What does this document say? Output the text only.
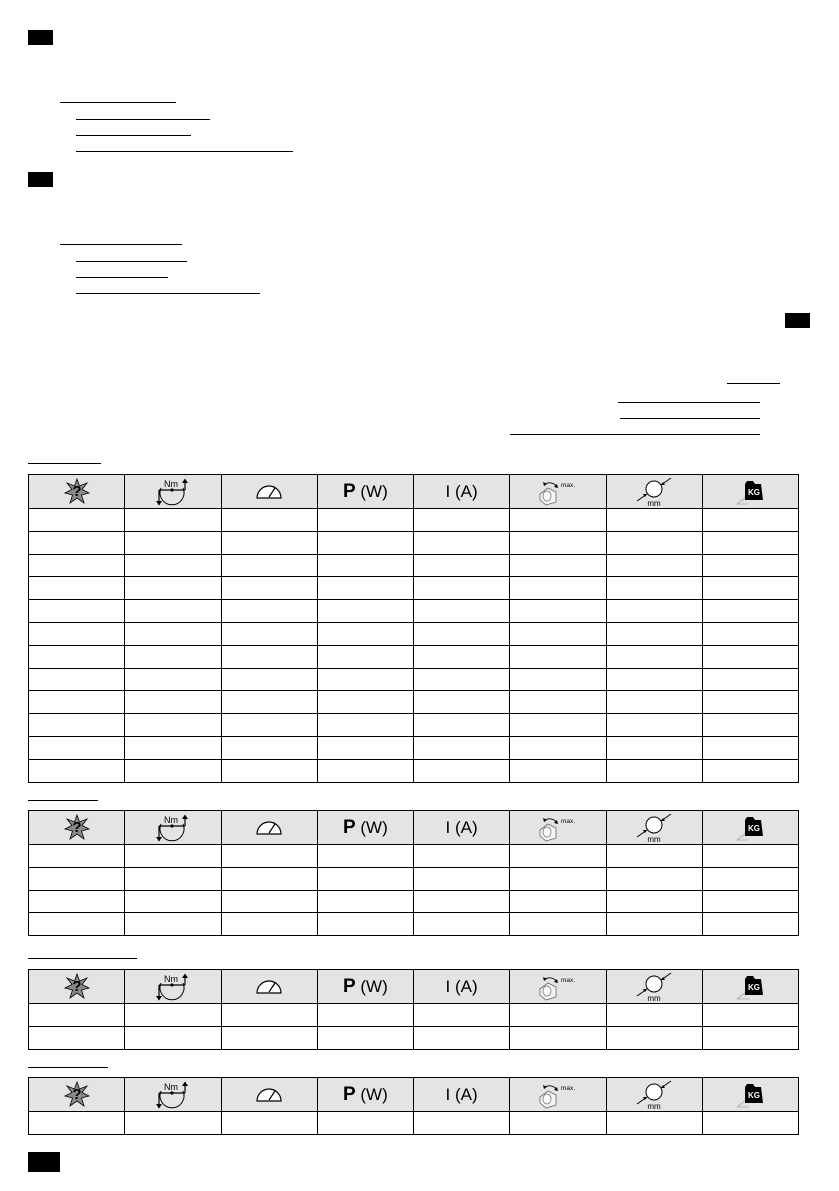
?	Nm		P (W)	I (A)	max.	mm	KG

?	Nm		P (W)	I (A)	max.	mm	KG

?	Nm		P (W)	I (A)	max.	mm	KG

?	Nm		P (W)	I (A)	max.	mm	KG
